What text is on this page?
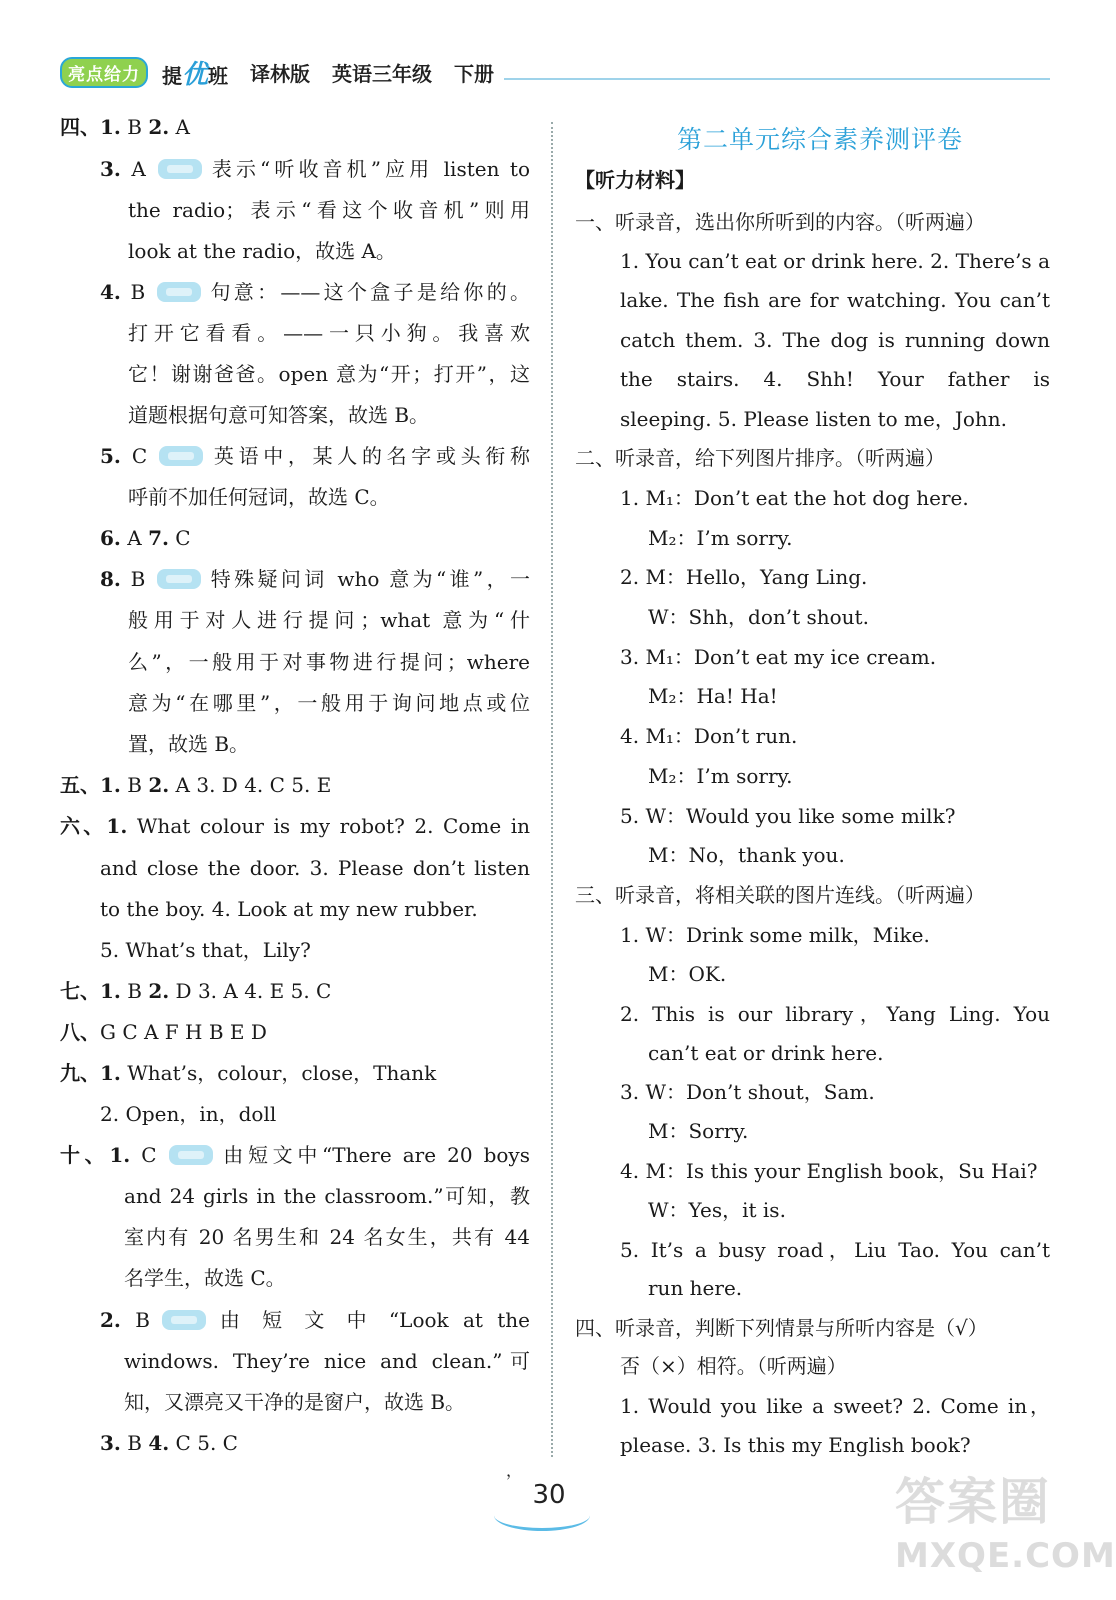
亮点给力	提优班 译林版 英语三年级 下册
四、1. B 2. A
3. A	表示“听收音机”应用 listen to
the radio；表示“看这个收音机”则用
look at the radio，故选 A。
4. B	句意：——这个盒子是给你的。
打开它看看。——一只小狗。我喜欢
它！谢谢爸爸。open 意为“开；打开”，这
道题根据句意可知答案，故选 B。
5. C	英语中，某人的名字或头衔称
呼前不加任何冠词，故选 C。
6. A 7. C
8. B	特殊疑问词 who 意为“谁”，一
般用于对人进行提问；what 意为“什
么”，一般用于对事物进行提问；where
意为“在哪里”，一般用于询问地点或位
置，故选 B。
五、1. B 2. A 3. D 4. C 5. E
六、1. What colour is my robot? 2. Come in
and close the door. 3. Please don’t listen
to the boy. 4. Look at my new rubber.
5. What’s that，Lily?
七、1. B 2. D 3. A 4. E 5. C
八、G C A F H B E D
九、1. What’s，colour，close，Thank
2. Open，in，doll
十、1. C	由短文中“There are 20 boys
and 24 girls in the classroom.”可知，教
室内有 20 名男生和 24 名女生，共有 44
名学生，故选 C。
2. B	由 短 文 中 “Look at the
windows. They’re nice and clean.”可
知，又漂亮又干净的是窗户，故选 B。
3. B 4. C 5. C
第二单元综合素养测评卷
【听力材料】
一、听录音，选出你所听到的内容。（听两遍）
1. You can’t eat or drink here. 2. There’s a
lake. The fish are for watching. You can’t
catch them. 3. The dog is running down
the stairs. 4. Shh! Your father is
sleeping. 5. Please listen to me，John.
二、听录音，给下列图片排序。（听两遍）
1. M₁：Don’t eat the hot dog here.
M₂：I’m sorry.
2. M：Hello，Yang Ling.
W：Shh，don’t shout.
3. M₁：Don’t eat my ice cream.
M₂：Ha! Ha!
4. M₁：Don’t run.
M₂：I’m sorry.
5. W：Would you like some milk?
M：No，thank you.
三、听录音，将相关联的图片连线。（听两遍）
1. W：Drink some milk，Mike.
M：OK.
2. This is our library，Yang Ling. You
can’t eat or drink here.
3. W：Don’t shout，Sam.
M：Sorry.
4. M：Is this your English book，Su Hai?
W：Yes，it is.
5. It’s a busy road，Liu Tao. You can’t
run here.
四、听录音，判断下列情景与所听内容是（√）
否（×）相符。（听两遍）
1. Would you like a sweet? 2. Come in，
please. 3. Is this my English book?
，
30	答案圈
MXQE.COM
